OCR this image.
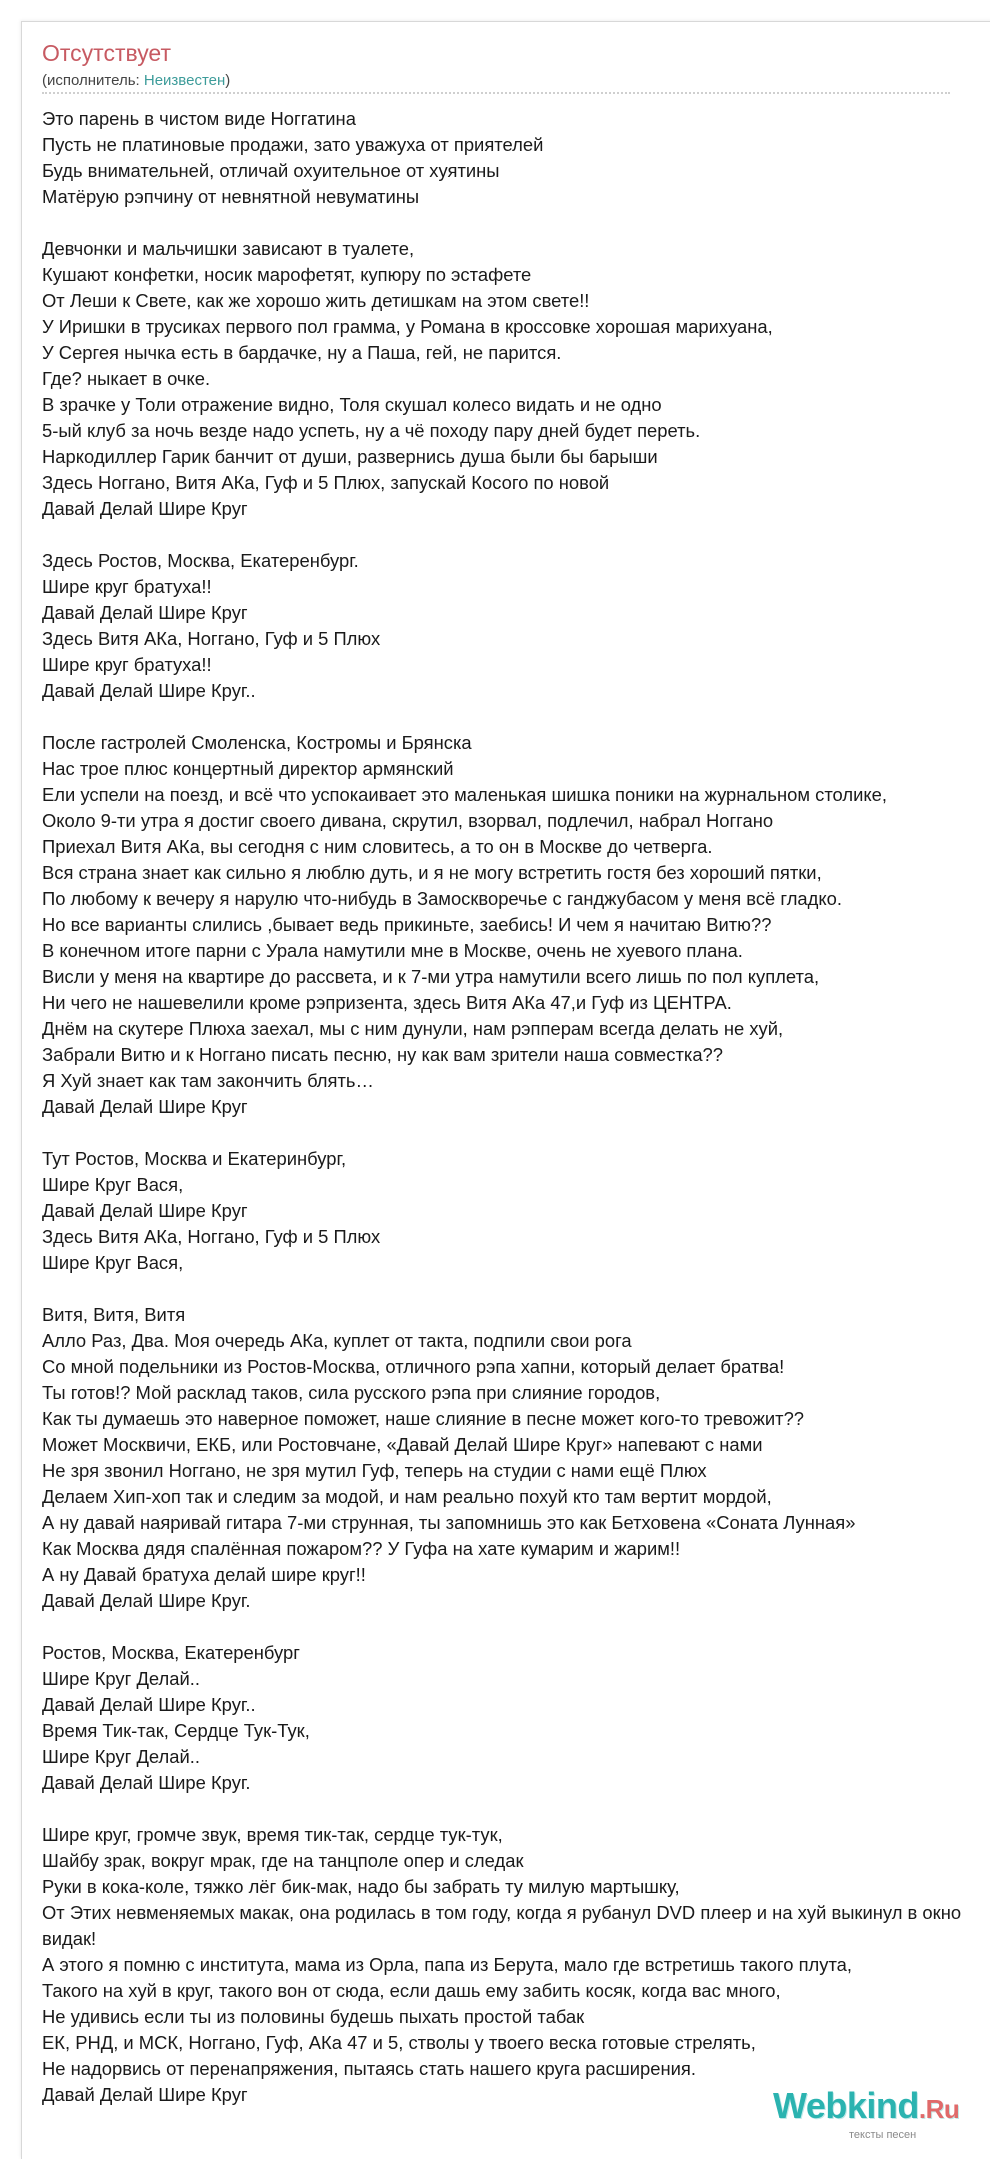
Отсутствует
(исполнитель: Неизвестен)
Это парень в чистом виде Ноггатина
Пусть не платиновые продажи, зато уважуха от приятелей
Будь внимательней, отличай охуительное от хуятины
Матёрую рэпчину от невнятной невуматины
Девчонки и мальчишки зависают в туалете,
Кушают конфетки, носик марофетят, купюру по эстафете
От Леши к Свете, как же хорошо жить детишкам на этом свете!!
У Иришки в трусиках первого пол грамма, у Романа в кроссовке хорошая марихуана,
У Сергея нычка есть в бардачке, ну а Паша, гей, не парится.
Где? ныкает в очке.
В зрачке у Толи отражение видно, Толя скушал колесо видать и не одно
5-ый клуб за ночь везде надо успеть, ну а чё походу пару дней будет переть.
Наркодиллер Гарик банчит от души, развернись душа были бы барыши
Здесь Ноггано, Витя АКа, Гуф и 5 Плюх, запускай Косого по новой
Давай Делай Шире Круг
Здесь Ростов, Москва, Екатеренбург.
Шире круг братуха!!
Давай Делай Шире Круг
Здесь Витя АКа, Ноггано, Гуф и 5 Плюх
Шире круг братуха!!
Давай Делай Шире Круг..
После гастролей Смоленска, Костромы и Брянска
Нас трое плюс концертный директор армянский
Ели успели на поезд, и всё что успокаивает это маленькая шишка поники на журнальном столике,
Около 9-ти утра я достиг своего дивана, скрутил, взорвал, подлечил, набрал Ноггано
Приехал Витя АКа, вы сегодня с ним словитесь, а то он в Москве до четверга.
Вся страна знает как сильно я люблю дуть, и я не могу встретить гостя без хороший пятки,
По любому к вечеру я нарулю что-нибудь в Замоскворечье с ганджубасом у меня всё гладко.
Но все варианты слились ,бывает ведь прикиньте, заебись! И чем я начитаю Витю??
В конечном итоге парни с Урала намутили мне в Москве, очень не хуевого плана.
Висли у меня на квартире до рассвета, и к 7-ми утра намутили всего лишь по пол куплета,
Ни чего не нашевелили кроме рэпризента, здесь Витя АКа 47,и Гуф из ЦЕНТРА.
Днём на скутере Плюха заехал, мы с ним дунули, нам рэпперам всегда делать не хуй,
Забрали Витю и к Ноггано писать песню, ну как вам зрители наша совместка??
Я Хуй знает как там закончить блять…
Давай Делай Шире Круг
Тут Ростов, Москва и Екатеринбург,
Шире Круг Вася,
Давай Делай Шире Круг
Здесь Витя АКа, Ноггано, Гуф и 5 Плюх
Шире Круг Вася,
Витя, Витя, Витя
Алло Раз, Два. Моя очередь АКа, куплет от такта, подпили свои рога
Со мной подельники из Ростов-Москва, отличного рэпа хапни, который делает братва!
Ты готов!? Мой расклад таков, сила русского рэпа при слияние городов,
Как ты думаешь это наверное поможет, наше слияние в песне может кого-то тревожит??
Может Москвичи, ЕКБ, или Ростовчане, «Давай Делай Шире Круг» напевают с нами
Не зря звонил Ноггано, не зря мутил Гуф, теперь на студии с нами ещё Плюх
Делаем Хип-хоп так и следим за модой, и нам реально похуй кто там вертит мордой,
А ну давай наяривай гитара 7-ми струнная, ты запомнишь это как Бетховена «Соната Лунная»
Как Москва дядя спалённая пожаром?? У Гуфа на хате кумарим и жарим!!
А ну Давай братуха делай шире круг!!
Давай Делай Шире Круг.
Ростов, Москва, Екатеренбург
Шире Круг Делай..
Давай Делай Шире Круг..
Время Тик-так, Сердце Тук-Тук,
Шире Круг Делай..
Давай Делай Шире Круг.
Шире круг, громче звук, время тик-так, сердце тук-тук,
Шайбу зрак, вокруг мрак, где на танцполе опер и следак
Руки в кока-коле, тяжко лёг бик-мак, надо бы забрать ту милую мартышку,
От Этих невменяемых макак, она родилась в том году, когда я рубанул DVD плеер и на хуй выкинул в окно
видак!
А этого я помню с института, мама из Орла, папа из Берута, мало где встретишь такого плута,
Такого на хуй в круг, такого вон от сюда, если дашь ему забить косяк, когда вас много,
Не удивись если ты из половины будешь пыхать простой табак
ЕК, РНД, и МСК, Ноггано, Гуф, АКа 47 и 5, стволы у твоего веска готовые стрелять,
Не надорвись от перенапряжения, пытаясь стать нашего круга расширения.
Давай Делай Шире Круг	Webkind.Ru
тексты песен
